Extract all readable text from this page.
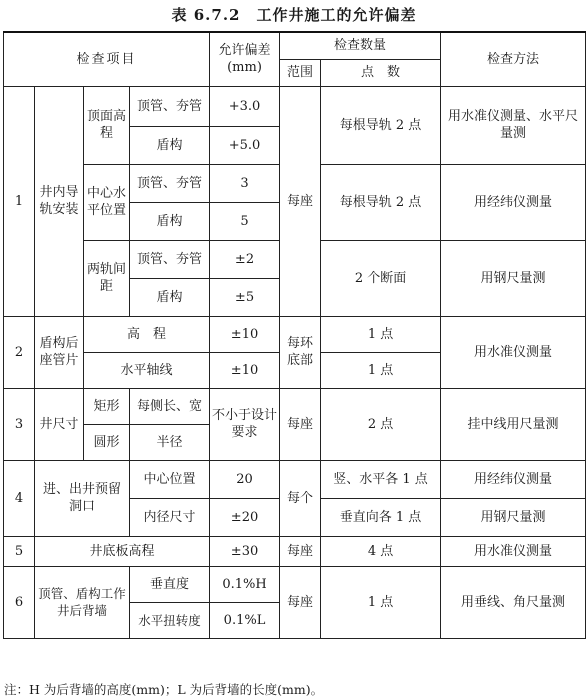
表 6.7.2　工作井施工的允许偏差
检查项目				允许偏差 (mm)	检查数量		检查方法
					范围	点　数	
1	井内导轨安装	顶面高程	顶管、夯管	+3.0	每座	每根导轨 2 点	用水准仪测量、水平尺量测
			盾构	+5.0			
		中心水平位置	顶管、夯管	3		每根导轨 2 点	用经纬仪测量
			盾构	5			
		两轨间距	顶管、夯管	±2		2 个断面	用钢尺量测
			盾构	±5			
2	盾构后座管片	高　程		±10	每环底部	1 点	用水准仪测量
		水平轴线		±10		1 点	
3	井尺寸	矩形	每侧长、宽	不小于设计要求	每座	2 点	挂中线用尺量测
		圆形	半径				
4	进、出井预留洞口		中心位置	20	每个	竖、水平各 1 点	用经纬仪测量
			内径尺寸	±20		垂直向各 1 点	用钢尺量测
5	井底板高程			±30	每座	4 点	用水准仪测量
6	顶管、盾构工作井后背墙		垂直度	0.1%H	每座	1 点	用垂线、角尺量测
			水平扭转度	0.1%L			
注：H 为后背墙的高度(mm)；L 为后背墙的长度(mm)。
